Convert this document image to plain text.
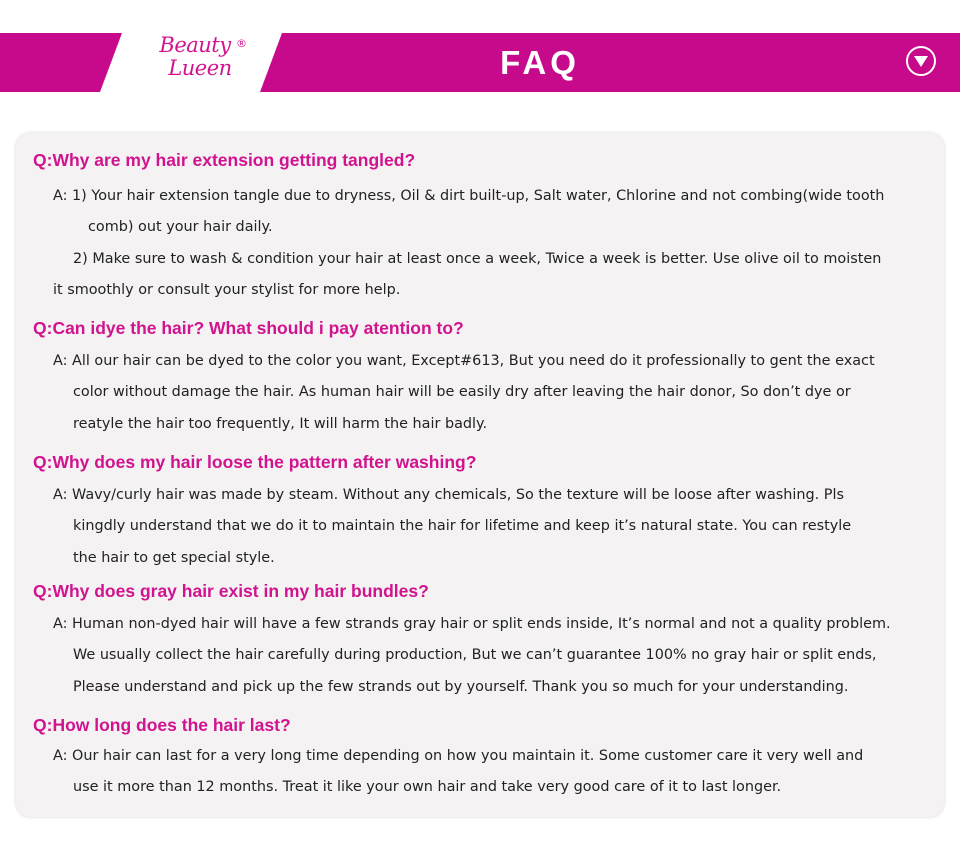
Beauty
Lueen
®
FAQ
Q:Why are my hair extension getting tangled?
A: 1) Your hair extension tangle due to dryness, Oil & dirt built-up, Salt water, Chlorine and not combing(wide tooth
comb) out your hair daily.
2) Make sure to wash & condition your hair at least once a week, Twice a week is better. Use olive oil to moisten
it smoothly or consult your stylist for more help.
Q:Can idye the hair? What should i pay atention to?
A: All our hair can be dyed to the color you want, Except#613, But you need do it professionally to gent the exact
color without damage the hair. As human hair will be easily dry after leaving the hair donor, So don’t dye or
reatyle the hair too frequently, It will harm the hair badly.
Q:Why does my hair loose the pattern after washing?
A: Wavy/curly hair was made by steam. Without any chemicals, So the texture will be loose after washing. Pls
kingdly understand that we do it to maintain the hair for lifetime and keep it’s natural state. You can restyle
the hair to get special style.
Q:Why does gray hair exist in my hair bundles?
A: Human non-dyed hair will have a few strands gray hair or split ends inside, It’s normal and not a quality problem.
We usually collect the hair carefully during production, But we can’t guarantee 100% no gray hair or split ends,
Please understand and pick up the few strands out by yourself. Thank you so much for your understanding.
Q:How long does the hair last?
A: Our hair can last for a very long time depending on how you maintain it. Some customer care it very well and
use it more than 12 months. Treat it like your own hair and take very good care of it to last longer.
